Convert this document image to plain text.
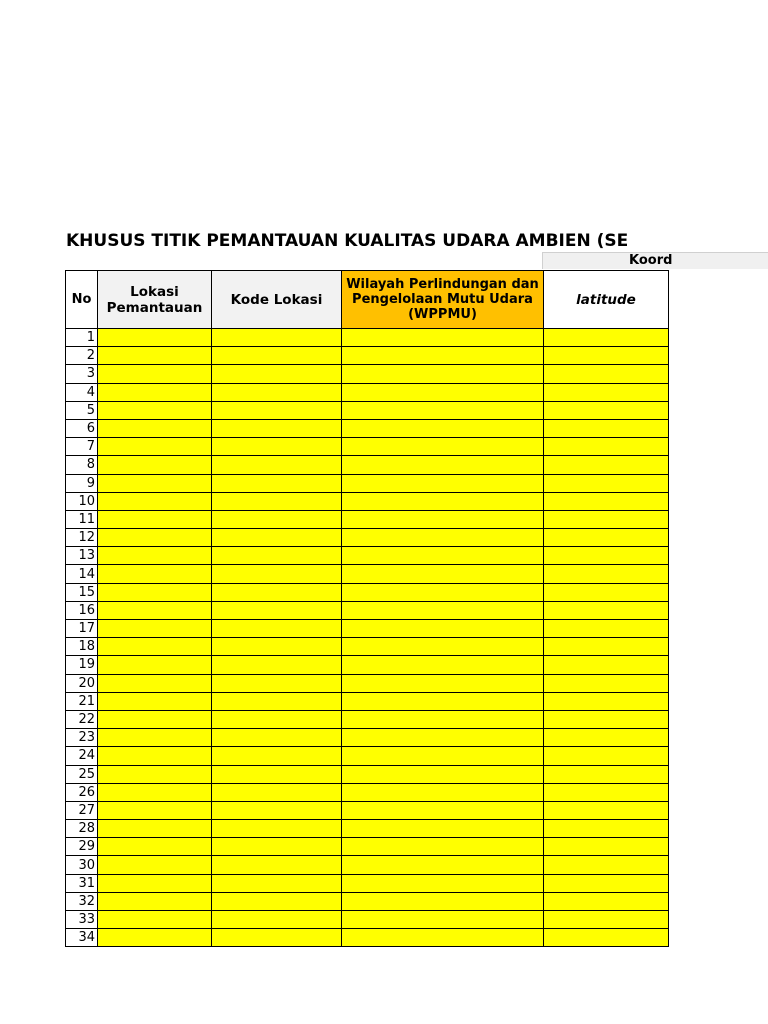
KHUSUS TITIK PEMANTAUAN KUALITAS UDARA AMBIEN (SE
Koord
No	Lokasi Pemantauan	Kode Lokasi	Wilayah Perlindungan dan Pengelolaan Mutu Udara (WPPMU)	latitude
1				
2				
3				
4				
5				
6				
7				
8				
9				
10				
11				
12				
13				
14				
15				
16				
17				
18				
19				
20				
21				
22				
23				
24				
25				
26				
27				
28				
29				
30				
31				
32				
33				
34				
